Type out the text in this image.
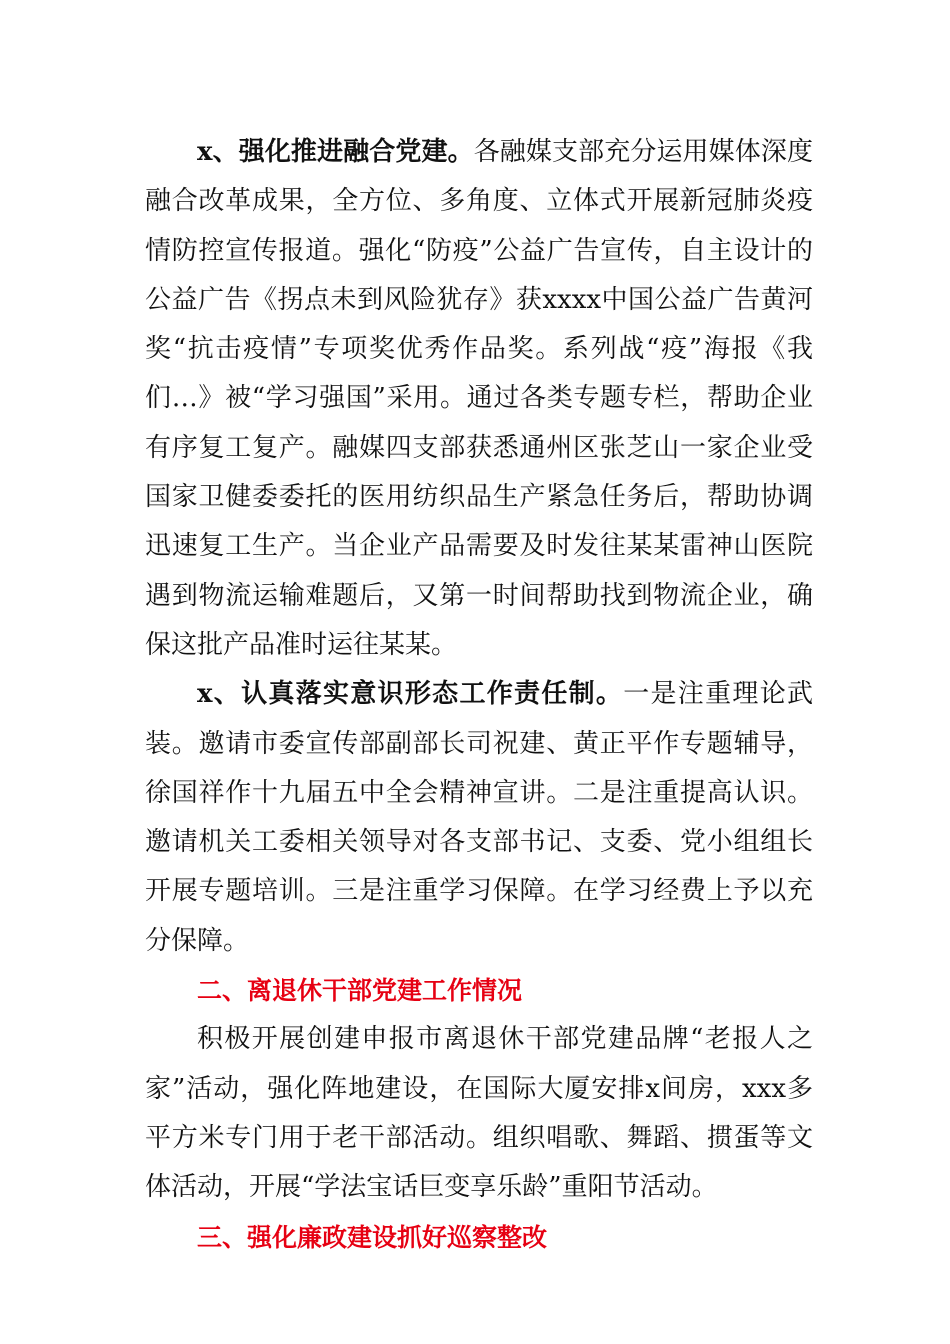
x、强化推进融合党建。各融媒支部充分运用媒体深度融合改革成果，全方位、多角度、立体式开展新冠肺炎疫情防控宣传报道。强化“防疫”公益广告宣传，自主设计的公益广告《拐点未到风险犹存》获xxxx中国公益广告黄河奖“抗击疫情”专项奖优秀作品奖。系列战“疫”海报《我们…》被“学习强国”采用。通过各类专题专栏，帮助企业有序复工复产。融媒四支部获悉通州区张芝山一家企业受国家卫健委委托的医用纺织品生产紧急任务后，帮助协调迅速复工生产。当企业产品需要及时发往某某雷神山医院遇到物流运输难题后，又第一时间帮助找到物流企业，确保这批产品准时运往某某。

x、认真落实意识形态工作责任制。一是注重理论武装。邀请市委宣传部副部长司祝建、黄正平作专题辅导，徐国祥作十九届五中全会精神宣讲。二是注重提高认识。邀请机关工委相关领导对各支部书记、支委、党小组组长开展专题培训。三是注重学习保障。在学习经费上予以充分保障。

二、离退休干部党建工作情况

积极开展创建申报市离退休干部党建品牌“老报人之家”活动，强化阵地建设，在国际大厦安排x间房，xxx多平方米专门用于老干部活动。组织唱歌、舞蹈、掼蛋等文体活动，开展“学法宝话巨变享乐龄”重阳节活动。

三、强化廉政建设抓好巡察整改
